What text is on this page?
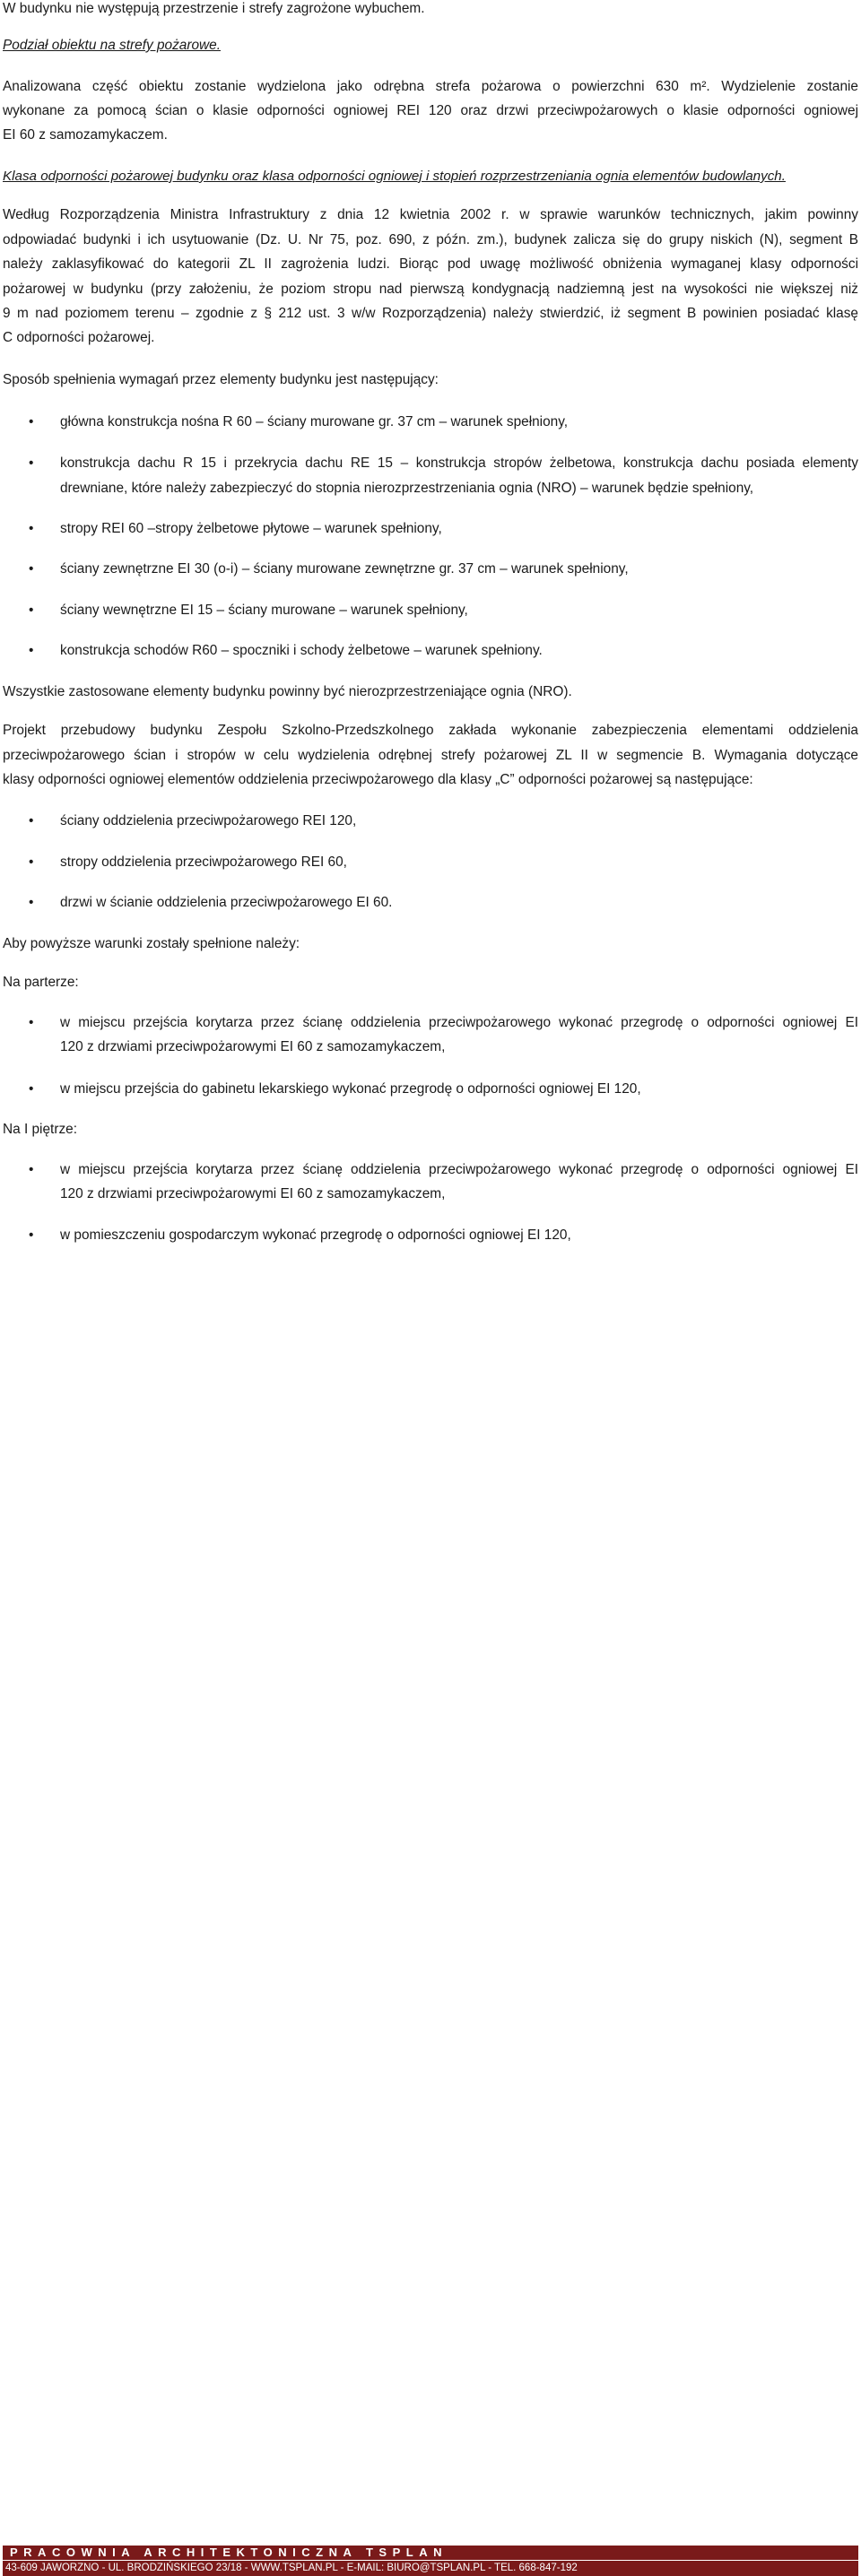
W budynku nie występują przestrzenie i strefy zagrożone wybuchem.
Podział obiektu na strefy pożarowe.
Analizowana część obiektu zostanie wydzielona jako odrębna strefa pożarowa o powierzchni 630 m². Wydzielenie zostanie
wykonane za pomocą ścian o klasie odporności ogniowej REI 120 oraz drzwi przeciwpożarowych o klasie odporności ogniowej
EI 60 z samozamykaczem.
Klasa odporności pożarowej budynku oraz klasa odporności ogniowej i stopień rozprzestrzeniania ognia elementów budowlanych.
Według Rozporządzenia Ministra Infrastruktury z dnia 12 kwietnia 2002 r. w sprawie warunków technicznych, jakim powinny
odpowiadać budynki i ich usytuowanie (Dz. U. Nr 75, poz. 690, z późn. zm.), budynek zalicza się do grupy niskich (N), segment B
należy zaklasyfikować do kategorii ZL II zagrożenia ludzi. Biorąc pod uwagę możliwość obniżenia wymaganej klasy odporności
pożarowej w budynku (przy założeniu, że poziom stropu nad pierwszą kondygnacją nadziemną jest na wysokości nie większej niż
9 m nad poziomem terenu – zgodnie z § 212 ust. 3 w/w Rozporządzenia) należy stwierdzić, iż segment B powinien posiadać klasę
C odporności pożarowej.
Sposób spełnienia wymagań przez elementy budynku jest następujący:
• główna konstrukcja nośna R 60 – ściany murowane gr. 37 cm – warunek spełniony,
• konstrukcja dachu R 15 i przekrycia dachu RE 15 – konstrukcja stropów żelbetowa, konstrukcja dachu posiada elementy
drewniane, które należy zabezpieczyć do stopnia nierozprzestrzeniania ognia (NRO) – warunek będzie spełniony,
• stropy REI 60 –stropy żelbetowe płytowe – warunek spełniony,
• ściany zewnętrzne EI 30 (o-i) – ściany murowane zewnętrzne gr. 37 cm – warunek spełniony,
• ściany wewnętrzne EI 15 – ściany murowane – warunek spełniony,
• konstrukcja schodów R60 – spoczniki i schody żelbetowe – warunek spełniony.
Wszystkie zastosowane elementy budynku powinny być nierozprzestrzeniające ognia (NRO).
Projekt przebudowy budynku Zespołu Szkolno-Przedszkolnego zakłada wykonanie zabezpieczenia elementami oddzielenia
przeciwpożarowego ścian i stropów w celu wydzielenia odrębnej strefy pożarowej ZL II w segmencie B. Wymagania dotyczące
klasy odporności ogniowej elementów oddzielenia przeciwpożarowego dla klasy „C” odporności pożarowej są następujące:
• ściany oddzielenia przeciwpożarowego REI 120,
• stropy oddzielenia przeciwpożarowego REI 60,
• drzwi w ścianie oddzielenia przeciwpożarowego EI 60.
Aby powyższe warunki zostały spełnione należy:
Na parterze:
• w miejscu przejścia korytarza przez ścianę oddzielenia przeciwpożarowego wykonać przegrodę o odporności ogniowej EI
120 z drzwiami przeciwpożarowymi EI 60 z samozamykaczem,
• w miejscu przejścia do gabinetu lekarskiego wykonać przegrodę o odporności ogniowej EI 120,
Na I piętrze:
• w miejscu przejścia korytarza przez ścianę oddzielenia przeciwpożarowego wykonać przegrodę o odporności ogniowej EI
120 z drzwiami przeciwpożarowymi EI 60 z samozamykaczem,
• w pomieszczeniu gospodarczym wykonać przegrodę o odporności ogniowej EI 120,
PRACOWNIA ARCHITEKTONICZNA TSPLAN
43-609 JAWORZNO - UL. BRODZIŃSKIEGO 23/18 - WWW.TSPLAN.PL - E-MAIL: BIURO@TSPLAN.PL - TEL. 668-847-192
